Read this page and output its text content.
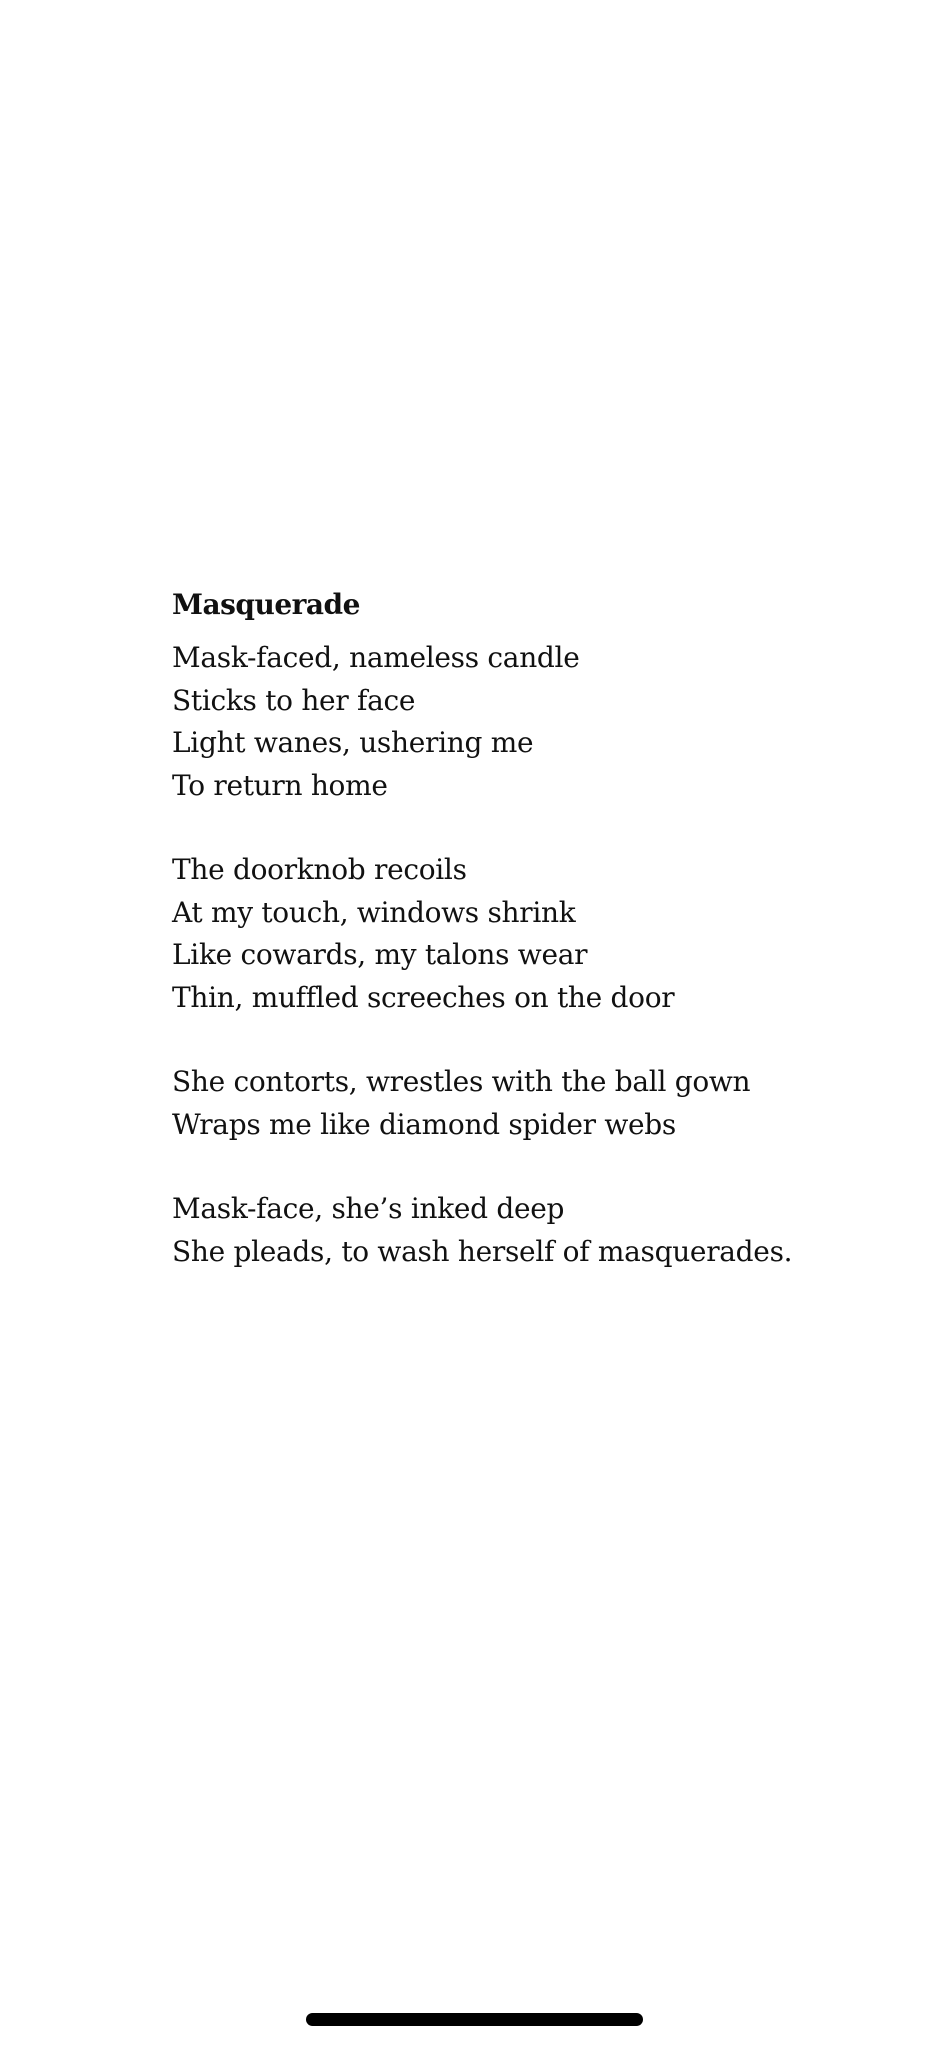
Masquerade
Mask-faced, nameless candle
Sticks to her face
Light wanes, ushering me
To return home
The doorknob recoils
At my touch, windows shrink
Like cowards, my talons wear
Thin, muffled screeches on the door
She contorts, wrestles with the ball gown
Wraps me like diamond spider webs
Mask-face, she’s inked deep
She pleads, to wash herself of masquerades.
